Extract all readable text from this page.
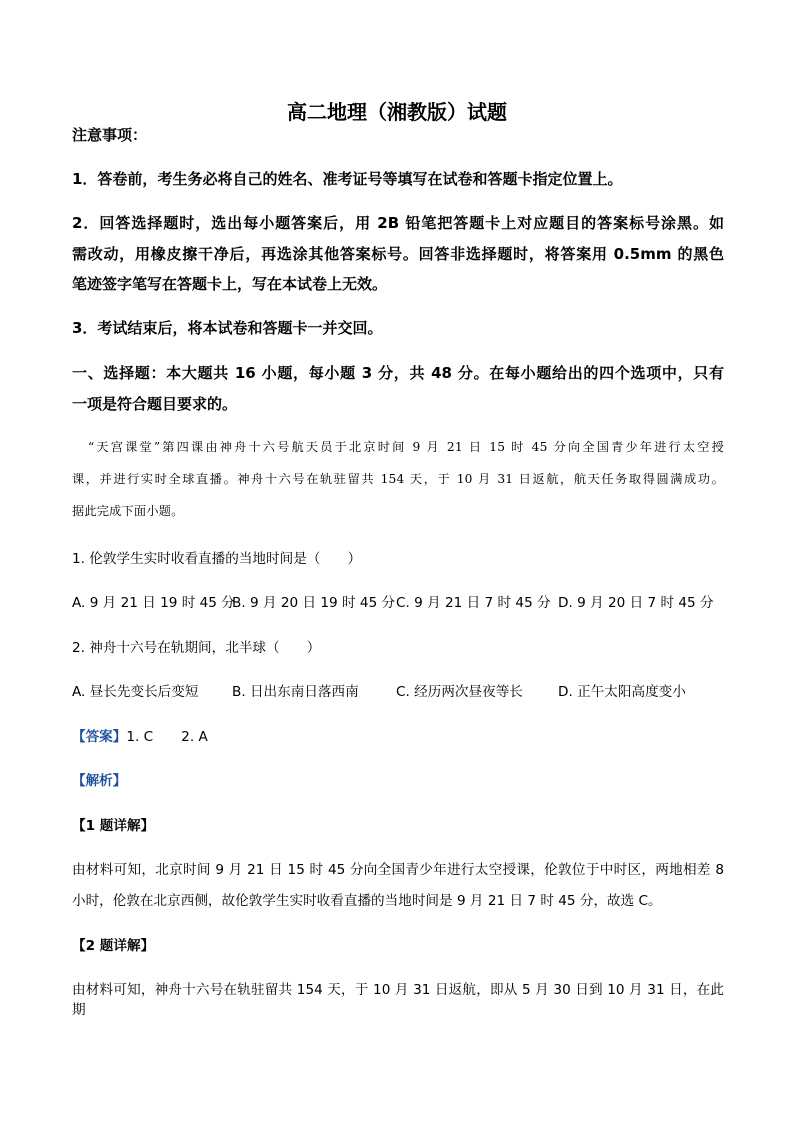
高二地理（湘教版）试题
注意事项：
1．答卷前，考生务必将自己的姓名、准考证号等填写在试卷和答题卡指定位置上。
2．回答选择题时，选出每小题答案后，用 2B 铅笔把答题卡上对应题目的答案标号涂黑。如
需改动，用橡皮擦干净后，再选涂其他答案标号。回答非选择题时，将答案用 0.5mm 的黑色
笔迹签字笔写在答题卡上，写在本试卷上无效。
3．考试结束后，将本试卷和答题卡一并交回。
一、选择题：本大题共 16 小题，每小题 3 分，共 48 分。在每小题给出的四个选项中，只有
一项是符合题目要求的。
“天宫课堂”第四课由神舟十六号航天员于北京时间 9 月 21 日 15 时 45 分向全国青少年进行太空授
课，并进行实时全球直播。神舟十六号在轨驻留共 154 天，于 10 月 31 日返航，航天任务取得圆满成功。
据此完成下面小题。
1. 伦敦学生实时收看直播的当地时间是（　　）
A. 9 月 21 日 19 时 45 分
B. 9 月 20 日 19 时 45 分 C. 9 月 21 日 7 时 45 分 D. 9 月 20 日 7 时 45 分
2. 神舟十六号在轨期间，北半球（　　）
A. 昼长先变长后变短 B. 日出东南日落西南	C. 经历两次昼夜等长	D. 正午太阳高度变小
【答案】1. C 2. A
【解析】
【1 题详解】
由材料可知，北京时间 9 月 21 日 15 时 45 分向全国青少年进行太空授课，伦敦位于中时区，两地相差 8
小时，伦敦在北京西侧，故伦敦学生实时收看直播的当地时间是 9 月 21 日 7 时 45 分，故选 C。
【2 题详解】
由材料可知，神舟十六号在轨驻留共 154 天，于 10 月 31 日返航，即从 5 月 30 日到 10 月 31 日，在此期
